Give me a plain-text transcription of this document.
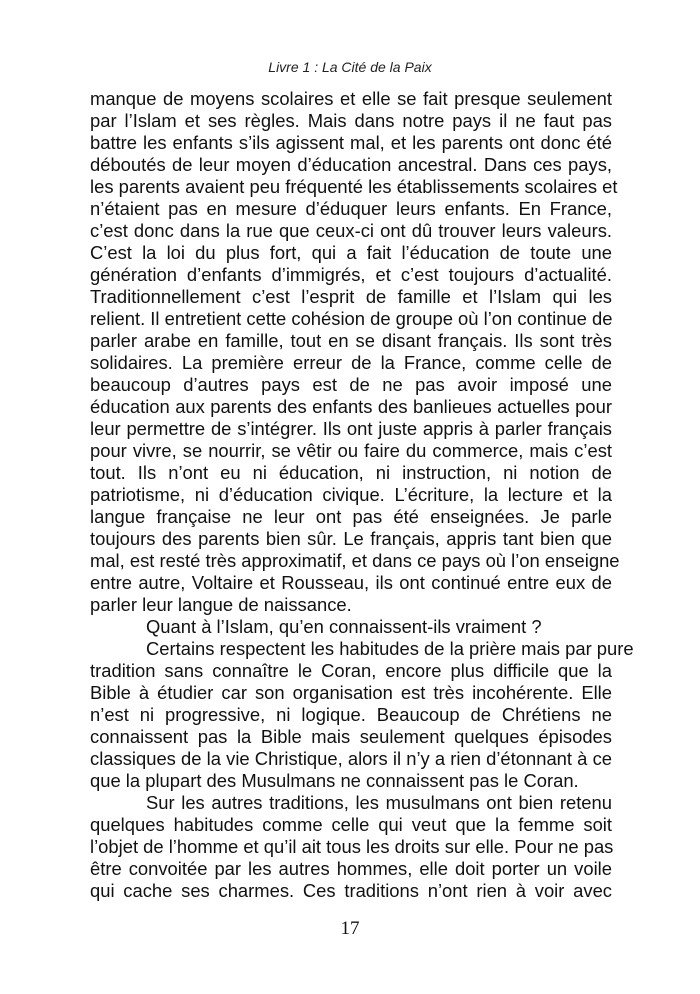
Livre 1 : La Cité de la Paix
manque de moyens scolaires et elle se fait presque seulement
par l’Islam et ses règles. Mais dans notre pays il ne faut pas
battre les enfants s’ils agissent mal, et les parents ont donc été
déboutés de leur moyen d’éducation ancestral. Dans ces pays,
les parents avaient peu fréquenté les établissements scolaires et
n’étaient pas en mesure d’éduquer leurs enfants. En France,
c’est donc dans la rue que ceux-ci ont dû trouver leurs valeurs.
C’est la loi du plus fort, qui a fait l’éducation de toute une
génération d’enfants d’immigrés, et c’est toujours d’actualité.
Traditionnellement c’est l’esprit de famille et l’Islam qui les
relient. Il entretient cette cohésion de groupe où l’on continue de
parler arabe en famille, tout en se disant français. Ils sont très
solidaires. La première erreur de la France, comme celle de
beaucoup d’autres pays est de ne pas avoir imposé une
éducation aux parents des enfants des banlieues actuelles pour
leur permettre de s’intégrer. Ils ont juste appris à parler français
pour vivre, se nourrir, se vêtir ou faire du commerce, mais c’est
tout. Ils n’ont eu ni éducation, ni instruction, ni notion de
patriotisme, ni d’éducation civique. L’écriture, la lecture et la
langue française ne leur ont pas été enseignées. Je parle
toujours des parents bien sûr. Le français, appris tant bien que
mal, est resté très approximatif, et dans ce pays où l’on enseigne
entre autre, Voltaire et Rousseau, ils ont continué entre eux de
parler leur langue de naissance.
Quant à l’Islam, qu’en connaissent-ils vraiment ?
Certains respectent les habitudes de la prière mais par pure
tradition sans connaître le Coran, encore plus difficile que la
Bible à étudier car son organisation est très incohérente. Elle
n’est ni progressive, ni logique. Beaucoup de Chrétiens ne
connaissent pas la Bible mais seulement quelques épisodes
classiques de la vie Christique, alors il n’y a rien d’étonnant à ce
que la plupart des Musulmans ne connaissent pas le Coran.
Sur les autres traditions, les musulmans ont bien retenu
quelques habitudes comme celle qui veut que la femme soit
l’objet de l’homme et qu’il ait tous les droits sur elle. Pour ne pas
être convoitée par les autres hommes, elle doit porter un voile
qui cache ses charmes. Ces traditions n’ont rien à voir avec
17
